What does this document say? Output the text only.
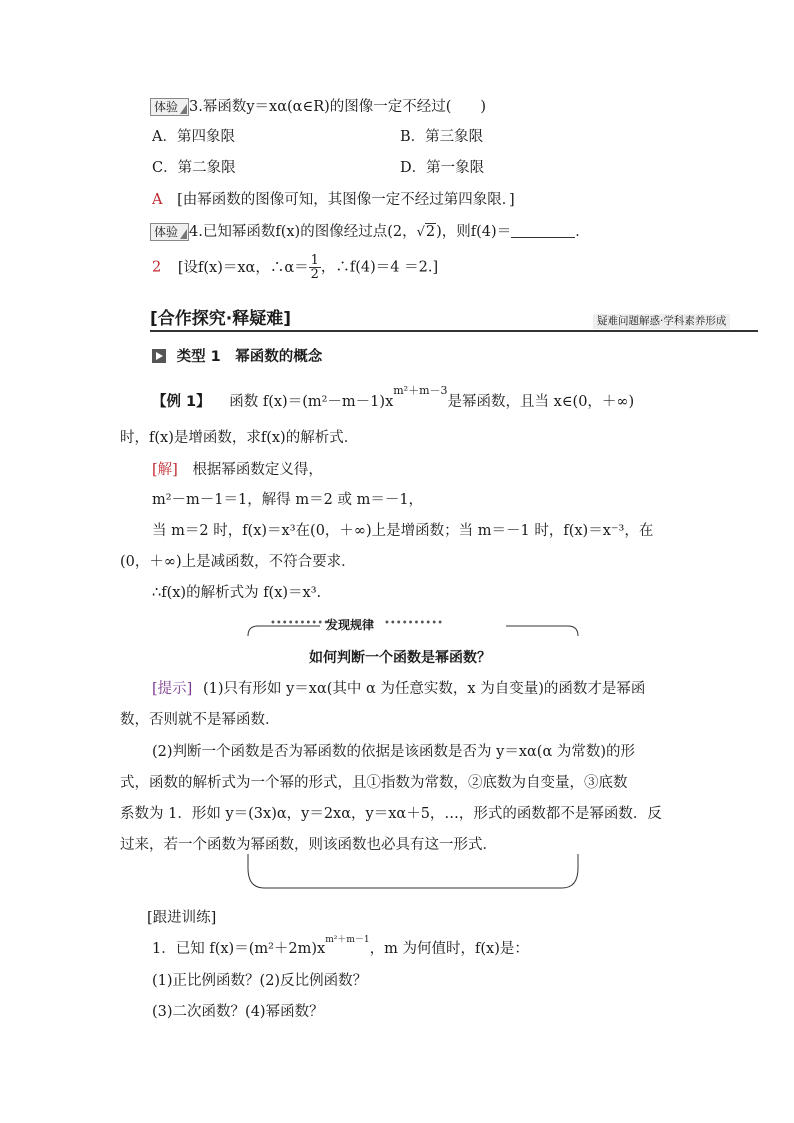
体验 3.幂函数y＝xα(α∈R)的图像一定不经过(　　)
A．第四象限	B．第三象限
C．第二象限	D．第一象限
A [由幂函数的图像可知，其图像一定不经过第四象限．]
体验 4.已知幂函数f(x)的图像经过点(2，√2)，则f(4)＝	．
2 [设f(x)＝xα，∴α＝ $\frac{1}{2}$ ，∴f(4)＝4 ＝2.]
[合作探究·释疑难]	疑难问题解惑·学科素养形成
类型 1　幂函数的概念
【例 1】 函数 $f(x)=(m^2-m-1)x^{m^2+m-3}$是幂函数，且当 x∈(0，＋∞)
时，f(x)是增函数，求f(x)的解析式．
[解] 根据幂函数定义得，
m²－m－1＝1，解得 m＝2 或 m＝－1，
当 m＝2 时，f(x)＝x³在(0，＋∞)上是增函数；当 m＝－1 时，f(x)＝x⁻³，在
(0，＋∞)上是减函数，不符合要求．
∴f(x)的解析式为 f(x)＝x³.
••••••••••	••••••••••
发现规律
如何判断一个函数是幂函数？
[提示] (1)只有形如 y＝xα(其中 α 为任意实数，x 为自变量)的函数才是幂函
数，否则就不是幂函数．
(2)判断一个函数是否为幂函数的依据是该函数是否为 y＝xα(α 为常数)的形
式，函数的解析式为一个幂的形式，且①指数为常数，②底数为自变量，③底数
系数为 1．形如 y＝(3x)α，y＝2xα，y＝xα＋5，…，形式的函数都不是幂函数．反
过来，若一个函数为幂函数，则该函数也必具有这一形式．
[跟进训练]
1．已知 $f(x)=(m^2+2m)x^{m^2+m-1}$，m 为何值时，f(x)是：
(1)正比例函数？(2)反比例函数？
(3)二次函数？(4)幂函数？
